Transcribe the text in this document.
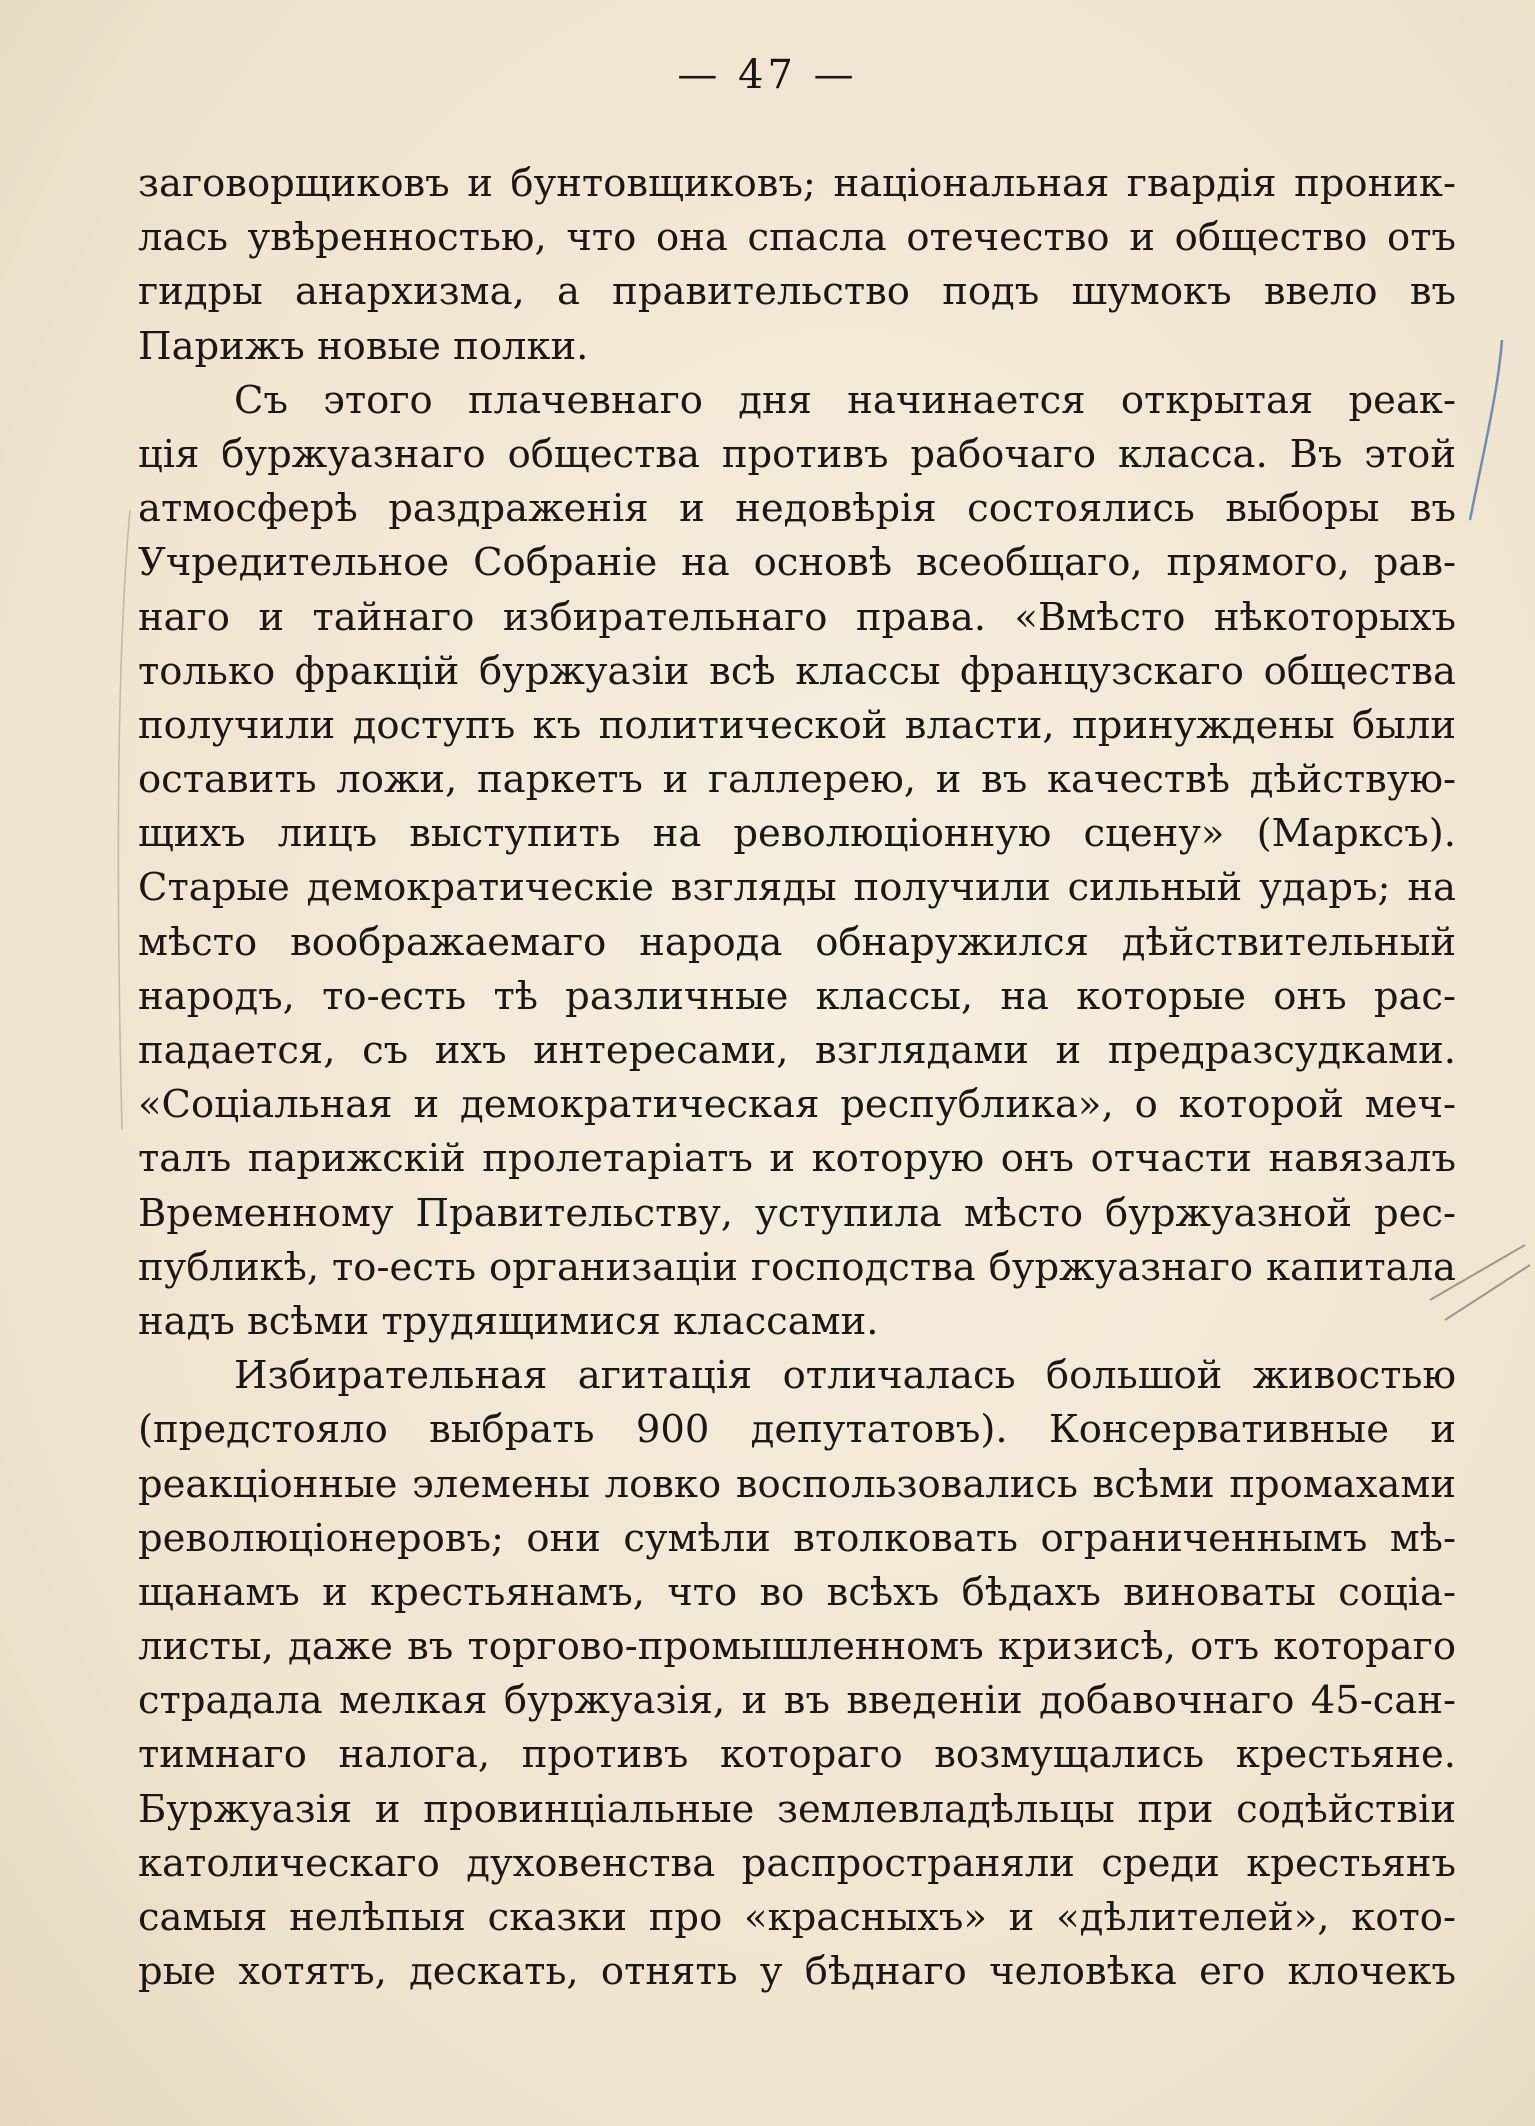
— 47 —
заговорщиковъ и бунтовщиковъ; національная гвардія проник-
лась увѣренностью, что она спасла отечество и общество отъ
гидры анархизма, а правительство подъ шумокъ ввело въ
Парижъ новые полки.
Съ этого плачевнаго дня начинается открытая реак-
ція буржуазнаго общества противъ рабочаго класса. Въ этой
атмосферѣ раздраженія и недовѣрія состоялись выборы въ
Учредительное Собраніе на основѣ всеобщаго, прямого, рав-
наго и тайнаго избирательнаго права. «Вмѣсто нѣкоторыхъ
только фракцій буржуазіи всѣ классы французскаго общества
получили доступъ къ политической власти, принуждены были
оставить ложи, паркетъ и галлерею, и въ качествѣ дѣйствую-
щихъ лицъ выступить на революціонную сцену» (Марксъ).
Старые демократическіе взгляды получили сильный ударъ; на
мѣсто воображаемаго народа обнаружился дѣйствительный
народъ, то-есть тѣ различные классы, на которые онъ рас-
падается, съ ихъ интересами, взглядами и предразсудками.
«Соціальная и демократическая республика», о которой меч-
талъ парижскій пролетаріатъ и которую онъ отчасти навязалъ
Временному Правительству, уступила мѣсто буржуазной рес-
публикѣ, то-есть организаціи господства буржуазнаго капитала
надъ всѣми трудящимися классами.
Избирательная агитація отличалась большой живостью
(предстояло выбрать 900 депутатовъ). Консервативные и
реакціонные элемены ловко воспользовались всѣми промахами
революціонеровъ; они сумѣли втолковать ограниченнымъ мѣ-
щанамъ и крестьянамъ, что во всѣхъ бѣдахъ виноваты соціа-
листы, даже въ торгово-промышленномъ кризисѣ, отъ котораго
страдала мелкая буржуазія, и въ введеніи добавочнаго 45-сан-
тимнаго налога, противъ котораго возмущались крестьяне.
Буржуазія и провинціальные землевладѣльцы при содѣйствіи
католическаго духовенства распространяли среди крестьянъ
самыя нелѣпыя сказки про «красныхъ» и «дѣлителей», кото-
рые хотятъ, дескать, отнять у бѣднаго человѣка его клочекъ
